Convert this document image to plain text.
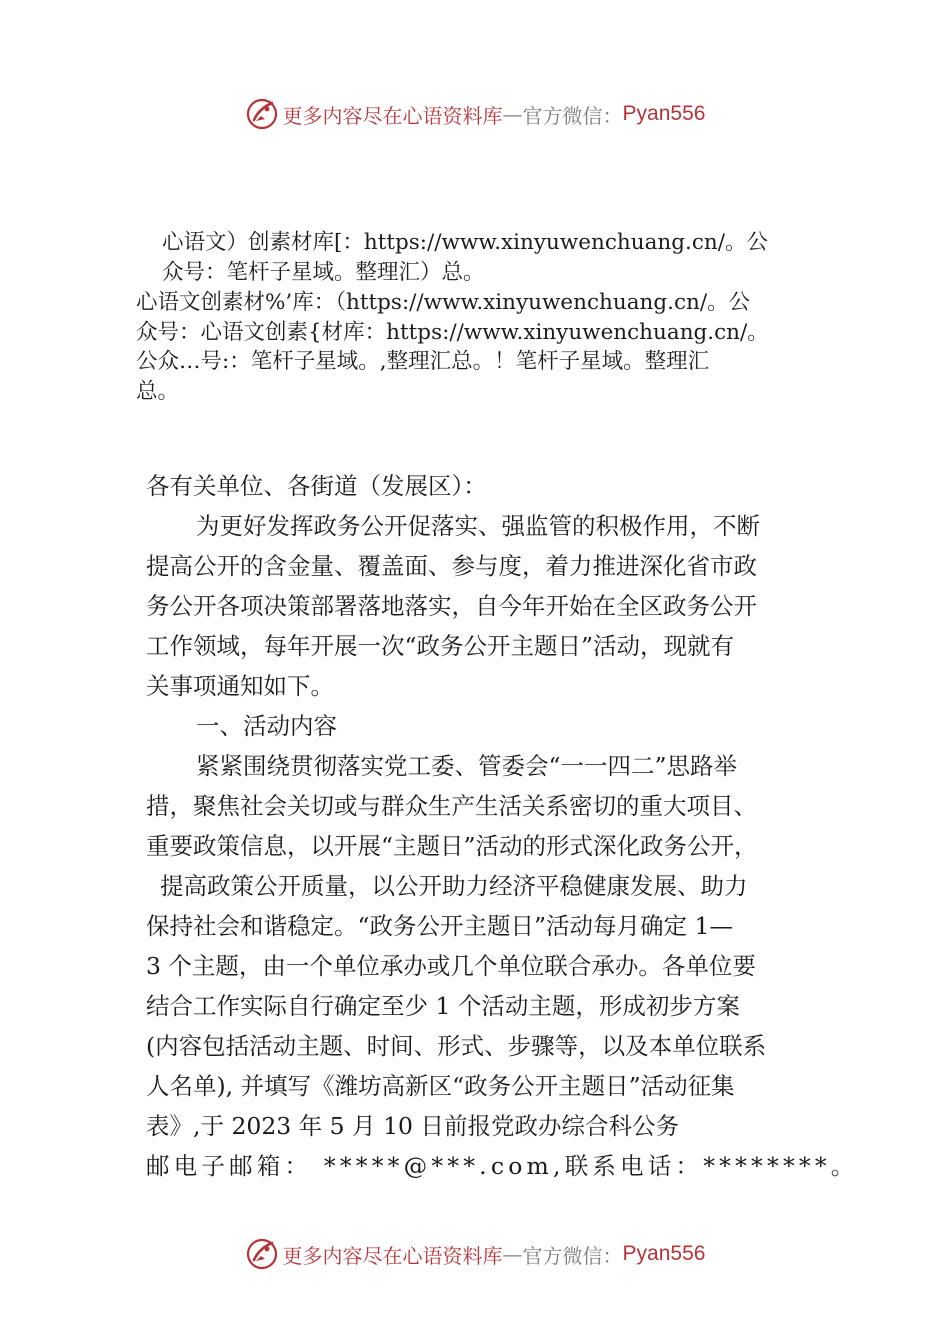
更多内容尽在心语资料库 — 官方微信： Pyan556
心语文）创素材库[：https://www.xinyuwenchuang.cn/。公
众号：笔杆子星域。整理汇）总。
心语文创素材%’库：（https://www.xinyuwenchuang.cn/。公
众号：心语文创素{材库：https://www.xinyuwenchuang.cn/。
公众…号:：笔杆子星域。,整理汇总。！笔杆子星域。整理汇
总。
各有关单位、各街道（发展区）：
为更好发挥政务公开促落实、强监管的积极作用，不断
提高公开的含金量、覆盖面、参与度，着力推进深化省市政
务公开各项决策部署落地落实，自今年开始在全区政务公开
工作领域，每年开展一次“政务公开主题日”活动，现就有
关事项通知如下。
一、活动内容
紧紧围绕贯彻落实党工委、管委会“一一四二”思路举
措，聚焦社会关切或与群众生产生活关系密切的重大项目、
重要政策信息，以开展“主题日”活动的形式深化政务公开，
提高政策公开质量，以公开助力经济平稳健康发展、助力
保持社会和谐稳定。“政务公开主题日”活动每月确定 1—
3 个主题，由一个单位承办或几个单位联合承办。各单位要
结合工作实际自行确定至少 1 个活动主题，形成初步方案
(内容包括活动主题、时间、形式、步骤等，以及本单位联系
人名单), 并填写《潍坊高新区“政务公开主题日”活动征集
表》,于 2023 年 5 月 10 日前报党政办综合科公务
邮电子邮箱： *****@***.com,联系电话：********。
更多内容尽在心语资料库 — 官方微信： Pyan556
